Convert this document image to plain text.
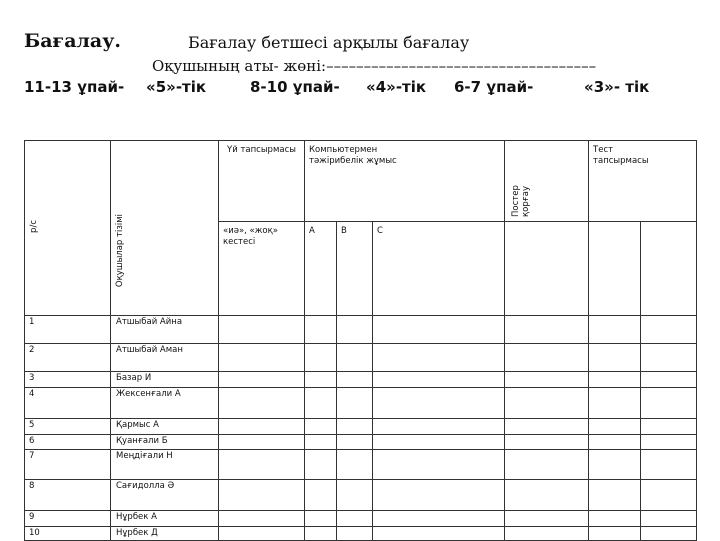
Бағалау.	Бағалау бетшесі арқылы бағалау
Оқушының аты- жөні:––––––––––––––––––––––––––––––––––––
11-13 ұпай- «5»-тік	8-10 ұпай- «4»-тік 6-7 ұпай-	«3»- тік
р/с	Оқушылар тізімі	Үй тапсырмасы	Компьютермен тәжірибелік жұмыс			Постер қорғау	Тест тапсырмасы

		«иә», «жоқ» кестесі	А	В	С				

1	Атшыбай Айна								
2	Атшыбай Аман								
3	Базар И								
4	Жексенғали А								
5	Қармыс А								
6	Қуанғали Б								
7	Меңдіғали Н								
8	Сағидолла Ә								
9	Нұрбек А								
10	Нұрбек Д								
